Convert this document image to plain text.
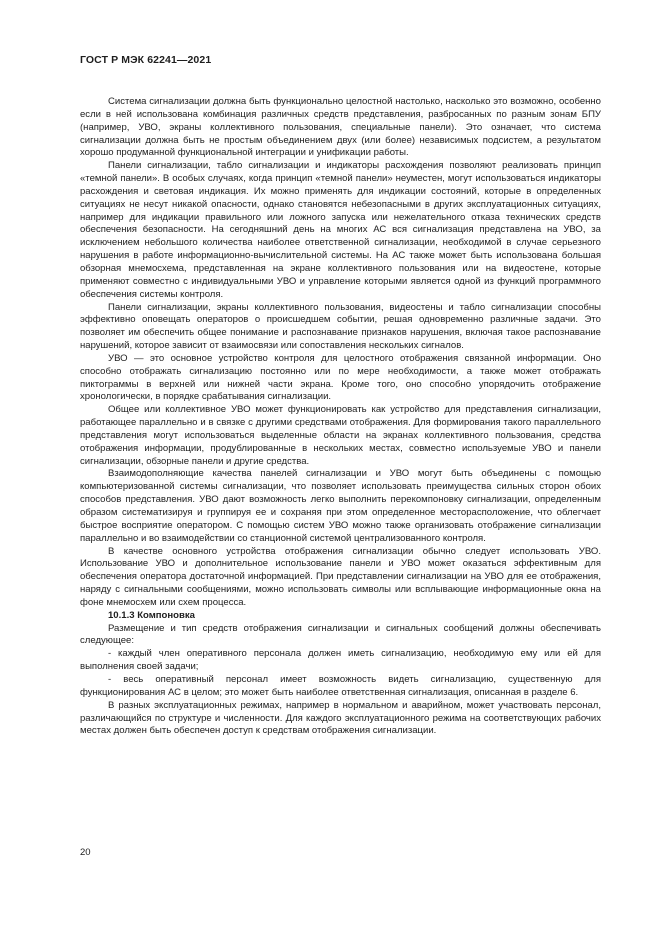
ГОСТ Р МЭК 62241—2021

Система сигнализации должна быть функционально целостной настолько, насколько это возможно, особенно если в ней использована комбинация различных средств представления, разбросанных по разным зонам БПУ (например, УВО, экраны коллективного пользования, специальные панели). Это означает, что система сигнализации должна быть не простым объединением двух (или более) независимых подсистем, а результатом хорошо продуманной функциональной интеграции и унификации работы.

Панели сигнализации, табло сигнализации и индикаторы расхождения позволяют реализовать принцип «темной панели». В особых случаях, когда принцип «темной панели» неуместен, могут использоваться индикаторы расхождения и световая индикация. Их можно применять для индикации состояний, которые в определенных ситуациях не несут никакой опасности, однако становятся небезопасными в других эксплуатационных ситуациях, например для индикации правильного или ложного запуска или нежелательного отказа технических средств обеспечения безопасности. На сегодняшний день на многих АС вся сигнализация представлена на УВО, за исключением небольшого количества наиболее ответственной сигнализации, необходимой в случае серьезного нарушения в работе информационно-вычислительной системы. На АС также может быть использована большая обзорная мнемосхема, представленная на экране коллективного пользования или на видеостене, которые применяют совместно с индивидуальными УВО и управление которыми является одной из функций программного обеспечения системы контроля.

Панели сигнализации, экраны коллективного пользования, видеостены и табло сигнализации способны эффективно оповещать операторов о происшедшем событии, решая одновременно различные задачи. Это позволяет им обеспечить общее понимание и распознавание признаков нарушения, включая такое распознавание нарушений, которое зависит от взаимосвязи или сопоставления нескольких сигналов.

УВО — это основное устройство контроля для целостного отображения связанной информации. Оно способно отображать сигнализацию постоянно или по мере необходимости, а также может отображать пиктограммы в верхней или нижней части экрана. Кроме того, оно способно упорядочить отображение хронологически, в порядке срабатывания сигнализации.

Общее или коллективное УВО может функционировать как устройство для представления сигнализации, работающее параллельно и в связке с другими средствами отображения. Для формирования такого параллельного представления могут использоваться выделенные области на экранах коллективного пользования, средства отображения информации, продублированные в нескольких местах, совместно используемые УВО и панели сигнализации, обзорные панели и другие средства.

Взаимодополняющие качества панелей сигнализации и УВО могут быть объединены с помощью компьютеризованной системы сигнализации, что позволяет использовать преимущества сильных сторон обоих способов представления. УВО дают возможность легко выполнить перекомпоновку сигнализации, определенным образом систематизируя и группируя ее и сохраняя при этом определенное месторасположение, что облегчает быстрое восприятие оператором. С помощью систем УВО можно также организовать отображение сигнализации параллельно и во взаимодействии со станционной системой централизованного контроля.

В качестве основного устройства отображения сигнализации обычно следует использовать УВО. Использование УВО и дополнительное использование панели и УВО может оказаться эффективным для обеспечения оператора достаточной информацией. При представлении сигнализации на УВО для ее отображения, наряду с сигнальными сообщениями, можно использовать символы или всплывающие информационные окна на фоне мнемосхем или схем процесса.

10.1.3 Компоновка

Размещение и тип средств отображения сигнализации и сигнальных сообщений должны обеспечивать следующее:

- каждый член оперативного персонала должен иметь сигнализацию, необходимую ему или ей для выполнения своей задачи;

- весь оперативный персонал имеет возможность видеть сигнализацию, существенную для функционирования АС в целом; это может быть наиболее ответственная сигнализация, описанная в разделе 6.

В разных эксплуатационных режимах, например в нормальном и аварийном, может участвовать персонал, различающийся по структуре и численности. Для каждого эксплуатационного режима на соответствующих рабочих местах должен быть обеспечен доступ к средствам отображения сигнализации.

20
